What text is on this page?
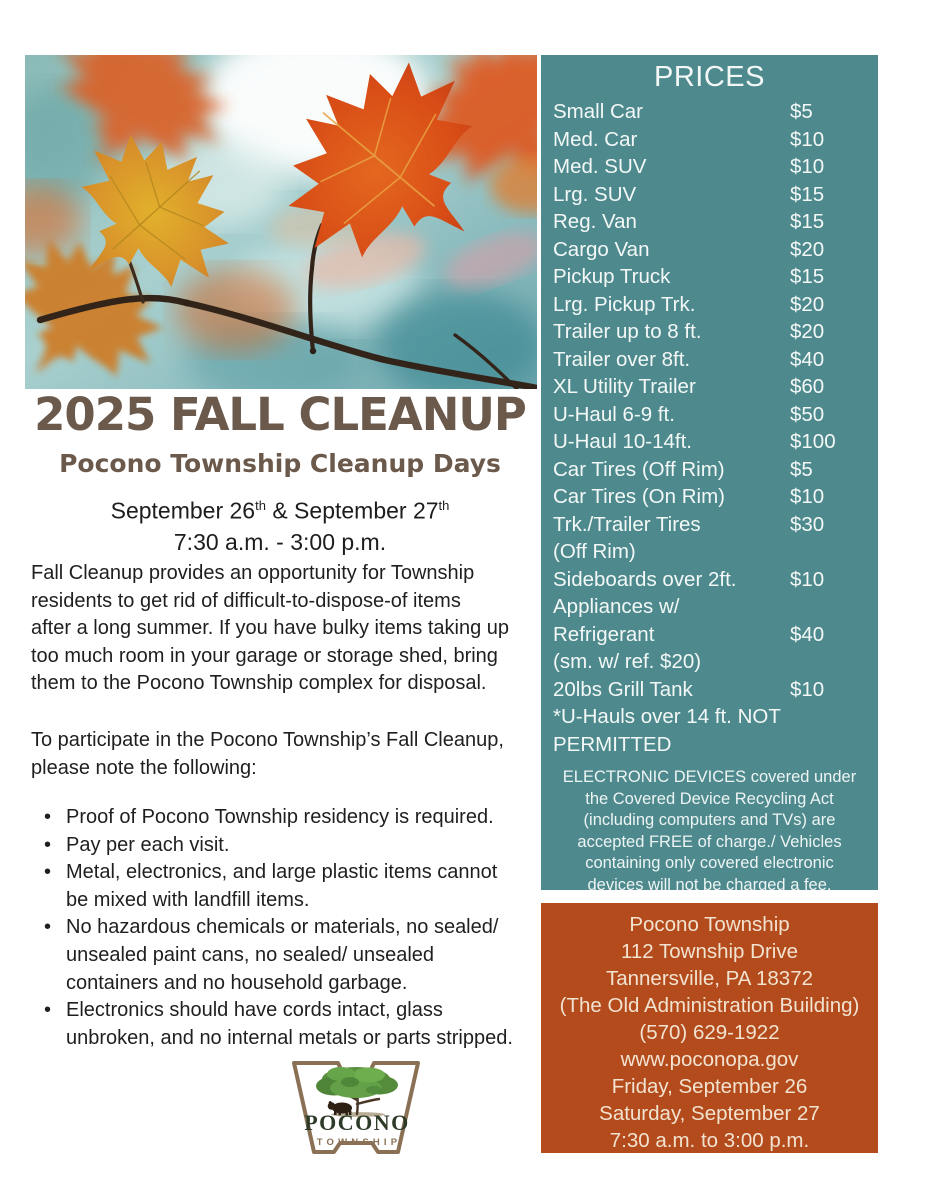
2025 FALL CLEANUP
Pocono Township Cleanup Days
September 26th & September 27th
7:30 a.m. - 3:00 p.m.
Fall Cleanup provides an opportunity for Township
residents to get rid of difficult-to-dispose-of items
after a long summer. If you have bulky items taking up
too much room in your garage or storage shed, bring
them to the Pocono Township complex for disposal.
To participate in the Pocono Township’s Fall Cleanup,
please note the following:
• Proof of Pocono Township residency is required.
• Pay per each visit.
• Metal, electronics, and large plastic items cannot
be mixed with landfill items.
• No hazardous chemicals or materials, no sealed/
unsealed paint cans, no sealed/ unsealed
containers and no household garbage.
• Electronics should have cords intact, glass
unbroken, and no internal metals or parts stripped.
POCONO
TOWNSHIP
PRICES
Small Car	$5
Med. Car	$10
Med. SUV	$10
Lrg. SUV	$15
Reg. Van	$15
Cargo Van	$20
Pickup Truck	$15
Lrg. Pickup Trk.	$20
Trailer up to 8 ft.	$20
Trailer over 8ft.	$40
XL Utility Trailer	$60
U-Haul 6-9 ft.	$50
U-Haul 10-14ft.	$100
Car Tires (Off Rim)	$5
Car Tires (On Rim)	$10
Trk./Trailer Tires	$30
(Off Rim)
Sideboards over 2ft.	$10
Appliances w/
Refrigerant	$40
(sm. w/ ref. $20)
20lbs Grill Tank	$10
*U-Hauls over 14 ft. NOT
PERMITTED
ELECTRONIC DEVICES covered under
the Covered Device Recycling Act
(including computers and TVs) are
accepted FREE of charge./ Vehicles
containing only covered electronic
devices will not be charged a fee.
Pocono Township
112 Township Drive
Tannersville, PA 18372
(The Old Administration Building)
(570) 629-1922
www.poconopa.gov
Friday, September 26
Saturday, September 27
7:30 a.m. to 3:00 p.m.
